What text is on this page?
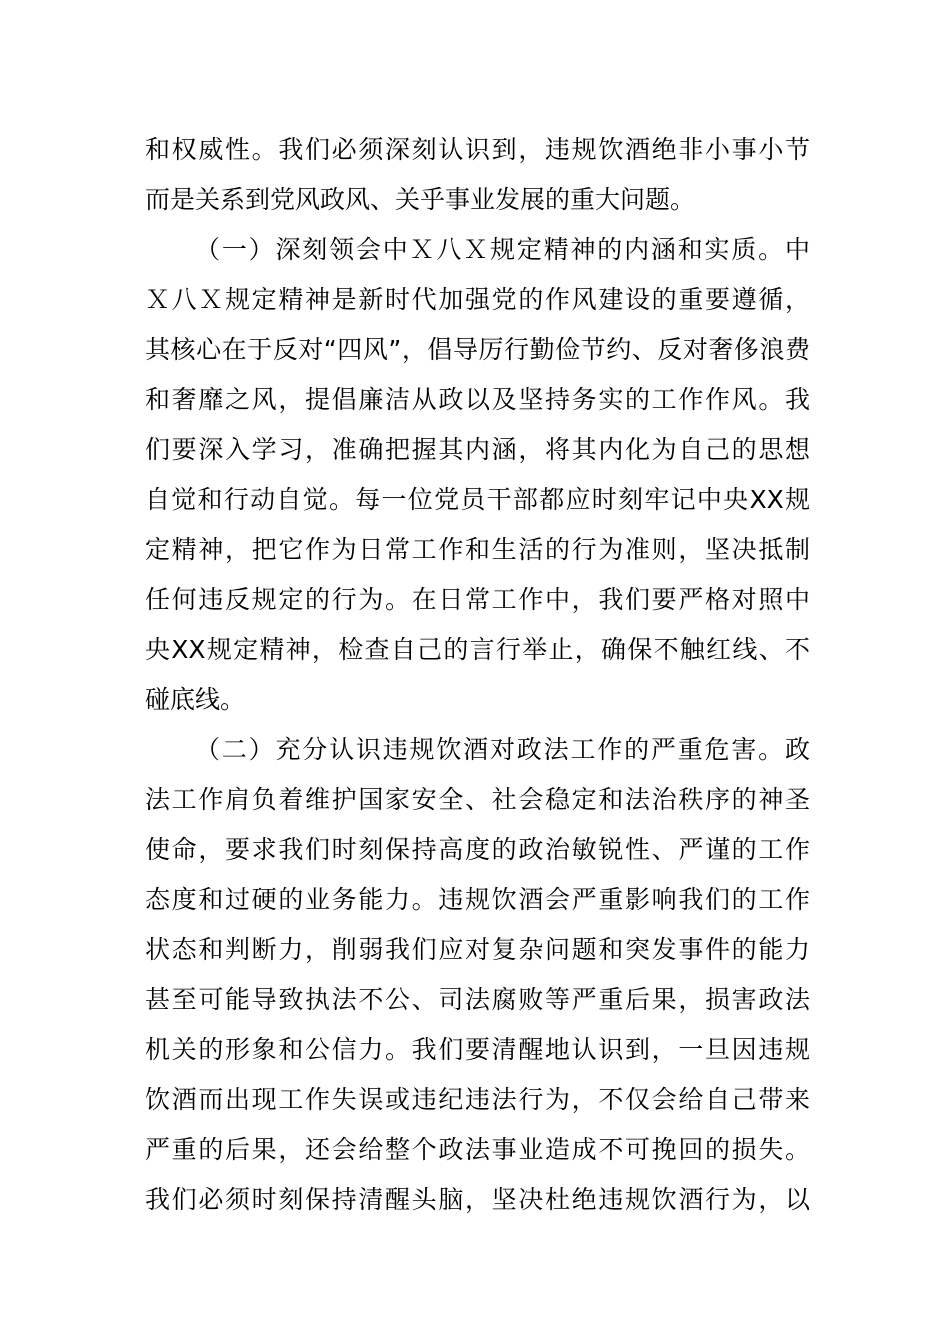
和权威性。我们必须深刻认识到，违规饮酒绝非小事小节
而是关系到党风政风、关乎事业发展的重大问题。
（一）深刻领会中Ｘ八Ｘ规定精神的内涵和实质。中
Ｘ八Ｘ规定精神是新时代加强党的作风建设的重要遵循，
其核心在于反对“四风”，倡导厉行勤俭节约、反对奢侈浪费
和奢靡之风，提倡廉洁从政以及坚持务实的工作作风。我
们要深入学习，准确把握其内涵，将其内化为自己的思想
自觉和行动自觉。每一位党员干部都应时刻牢记中央XX规
定精神，把它作为日常工作和生活的行为准则，坚决抵制
任何违反规定的行为。在日常工作中，我们要严格对照中
央XX规定精神，检查自己的言行举止，确保不触红线、不
碰底线。
（二）充分认识违规饮酒对政法工作的严重危害。政
法工作肩负着维护国家安全、社会稳定和法治秩序的神圣
使命，要求我们时刻保持高度的政治敏锐性、严谨的工作
态度和过硬的业务能力。违规饮酒会严重影响我们的工作
状态和判断力，削弱我们应对复杂问题和突发事件的能力
甚至可能导致执法不公、司法腐败等严重后果，损害政法
机关的形象和公信力。我们要清醒地认识到，一旦因违规
饮酒而出现工作失误或违纪违法行为，不仅会给自己带来
严重的后果，还会给整个政法事业造成不可挽回的损失。
我们必须时刻保持清醒头脑，坚决杜绝违规饮酒行为，以
